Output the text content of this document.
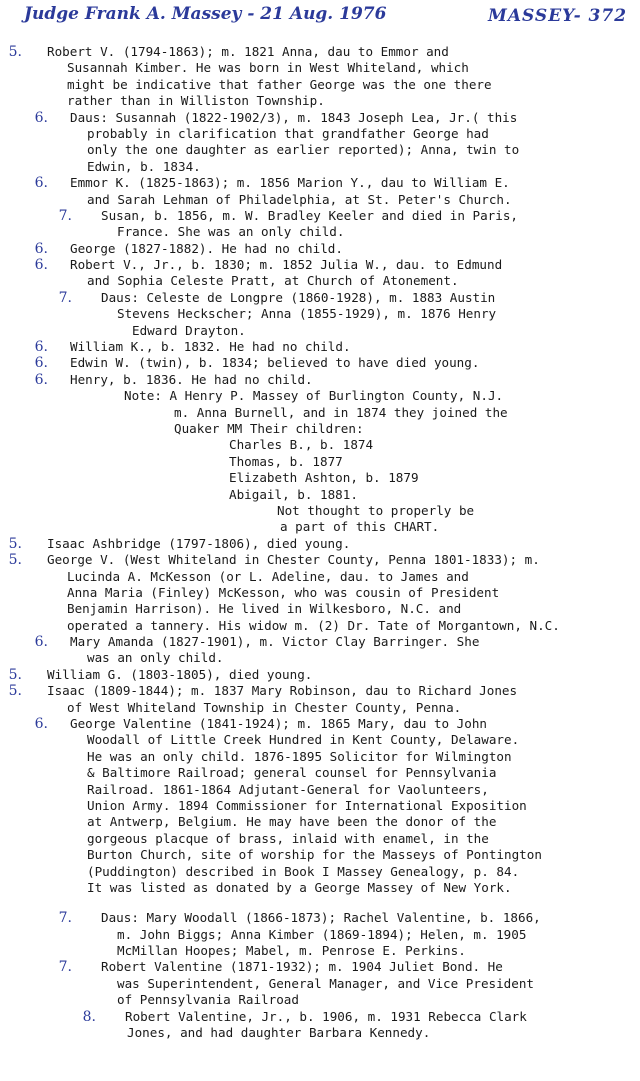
Judge Frank A. Massey - 21 Aug. 1976	MASSEY- 372
5. Robert V. (1794-1863); m. 1821 Anna, dau to Emmor and
Susannah Kimber. He was born in West Whiteland, which
might be indicative that father George was the one there
rather than in Williston Township.
6. Daus: Susannah (1822-1902/3), m. 1843 Joseph Lea, Jr.( this
probably in clarification that grandfather George had
only the one daughter as earlier reported); Anna, twin to
Edwin, b. 1834.
6. Emmor K. (1825-1863); m. 1856 Marion Y., dau to William E.
and Sarah Lehman of Philadelphia, at St. Peter's Church.
7. Susan, b. 1856, m. W. Bradley Keeler and died in Paris,
France. She was an only child.
6. George (1827-1882). He had no child.
6. Robert V., Jr., b. 1830; m. 1852 Julia W., dau. to Edmund
and Sophia Celeste Pratt, at Church of Atonement.
7. Daus: Celeste de Longpre (1860-1928), m. 1883 Austin
Stevens Heckscher; Anna (1855-1929), m. 1876 Henry
Edward Drayton.
6. William K., b. 1832. He had no child.
6. Edwin W. (twin), b. 1834; believed to have died young.
6. Henry, b. 1836. He had no child.
Note: A Henry P. Massey of Burlington County, N.J.
m. Anna Burnell, and in 1874 they joined the
Quaker MM Their children:
Charles B., b. 1874
Thomas, b. 1877
Elizabeth Ashton, b. 1879
Abigail, b. 1881.
Not thought to properly be
a part of this CHART.
5. Isaac Ashbridge (1797-1806), died young.
5. George V. (West Whiteland in Chester County, Penna 1801-1833); m.
Lucinda A. McKesson (or L. Adeline, dau. to James and
Anna Maria (Finley) McKesson, who was cousin of President
Benjamin Harrison). He lived in Wilkesboro, N.C. and
operated a tannery. His widow m. (2) Dr. Tate of Morgantown, N.C.
6. Mary Amanda (1827-1901), m. Victor Clay Barringer. She
was an only child.
5. William G. (1803-1805), died young.
5. Isaac (1809-1844); m. 1837 Mary Robinson, dau to Richard Jones
of West Whiteland Township in Chester County, Penna.
6. George Valentine (1841-1924); m. 1865 Mary, dau to John
Woodall of Little Creek Hundred in Kent County, Delaware.
He was an only child. 1876-1895 Solicitor for Wilmington
& Baltimore Railroad; general counsel for Pennsylvania
Railroad. 1861-1864 Adjutant-General for Vaolunteers,
Union Army. 1894 Commissioner for International Exposition
at Antwerp, Belgium. He may have been the donor of the
gorgeous placque of brass, inlaid with enamel, in the
Burton Church, site of worship for the Masseys of Pontington
(Puddington) described in Book I Massey Genealogy, p. 84.
It was listed as donated by a George Massey of New York.
7. Daus: Mary Woodall (1866-1873); Rachel Valentine, b. 1866,
m. John Biggs; Anna Kimber (1869-1894); Helen, m. 1905
McMillan Hoopes; Mabel, m. Penrose E. Perkins.
7. Robert Valentine (1871-1932); m. 1904 Juliet Bond. He
was Superintendent, General Manager, and Vice President
of Pennsylvania Railroad
8. Robert Valentine, Jr., b. 1906, m. 1931 Rebecca Clark
Jones, and had daughter Barbara Kennedy.
